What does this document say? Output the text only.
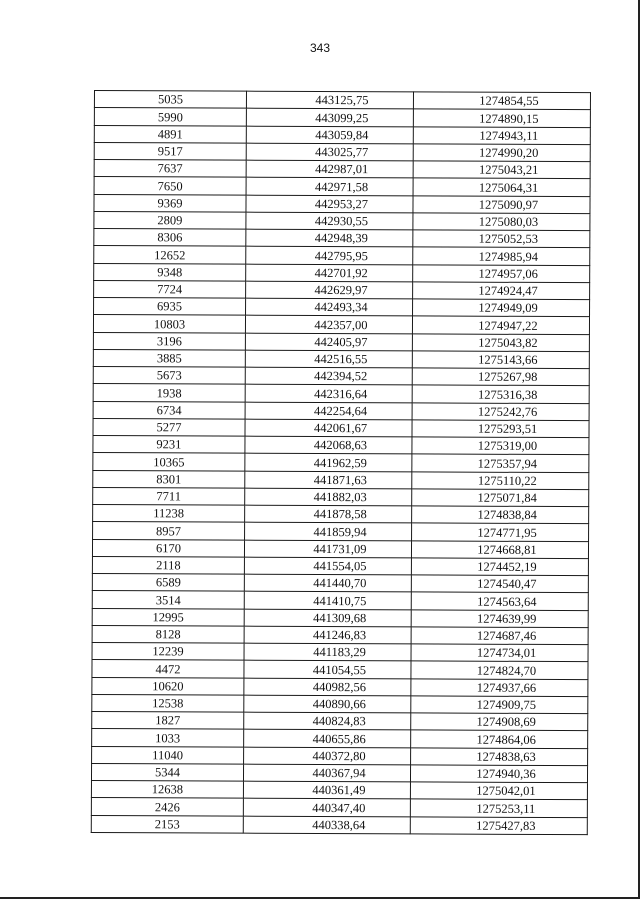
343
5035	443125,75	1274854,55
5990	443099,25	1274890,15
4891	443059,84	1274943,11
9517	443025,77	1274990,20
7637	442987,01	1275043,21
7650	442971,58	1275064,31
9369	442953,27	1275090,97
2809	442930,55	1275080,03
8306	442948,39	1275052,53
12652	442795,95	1274985,94
9348	442701,92	1274957,06
7724	442629,97	1274924,47
6935	442493,34	1274949,09
10803	442357,00	1274947,22
3196	442405,97	1275043,82
3885	442516,55	1275143,66
5673	442394,52	1275267,98
1938	442316,64	1275316,38
6734	442254,64	1275242,76
5277	442061,67	1275293,51
9231	442068,63	1275319,00
10365	441962,59	1275357,94
8301	441871,63	1275110,22
7711	441882,03	1275071,84
11238	441878,58	1274838,84
8957	441859,94	1274771,95
6170	441731,09	1274668,81
2118	441554,05	1274452,19
6589	441440,70	1274540,47
3514	441410,75	1274563,64
12995	441309,68	1274639,99
8128	441246,83	1274687,46
12239	441183,29	1274734,01
4472	441054,55	1274824,70
10620	440982,56	1274937,66
12538	440890,66	1274909,75
1827	440824,83	1274908,69
1033	440655,86	1274864,06
11040	440372,80	1274838,63
5344	440367,94	1274940,36
12638	440361,49	1275042,01
2426	440347,40	1275253,11
2153	440338,64	1275427,83
